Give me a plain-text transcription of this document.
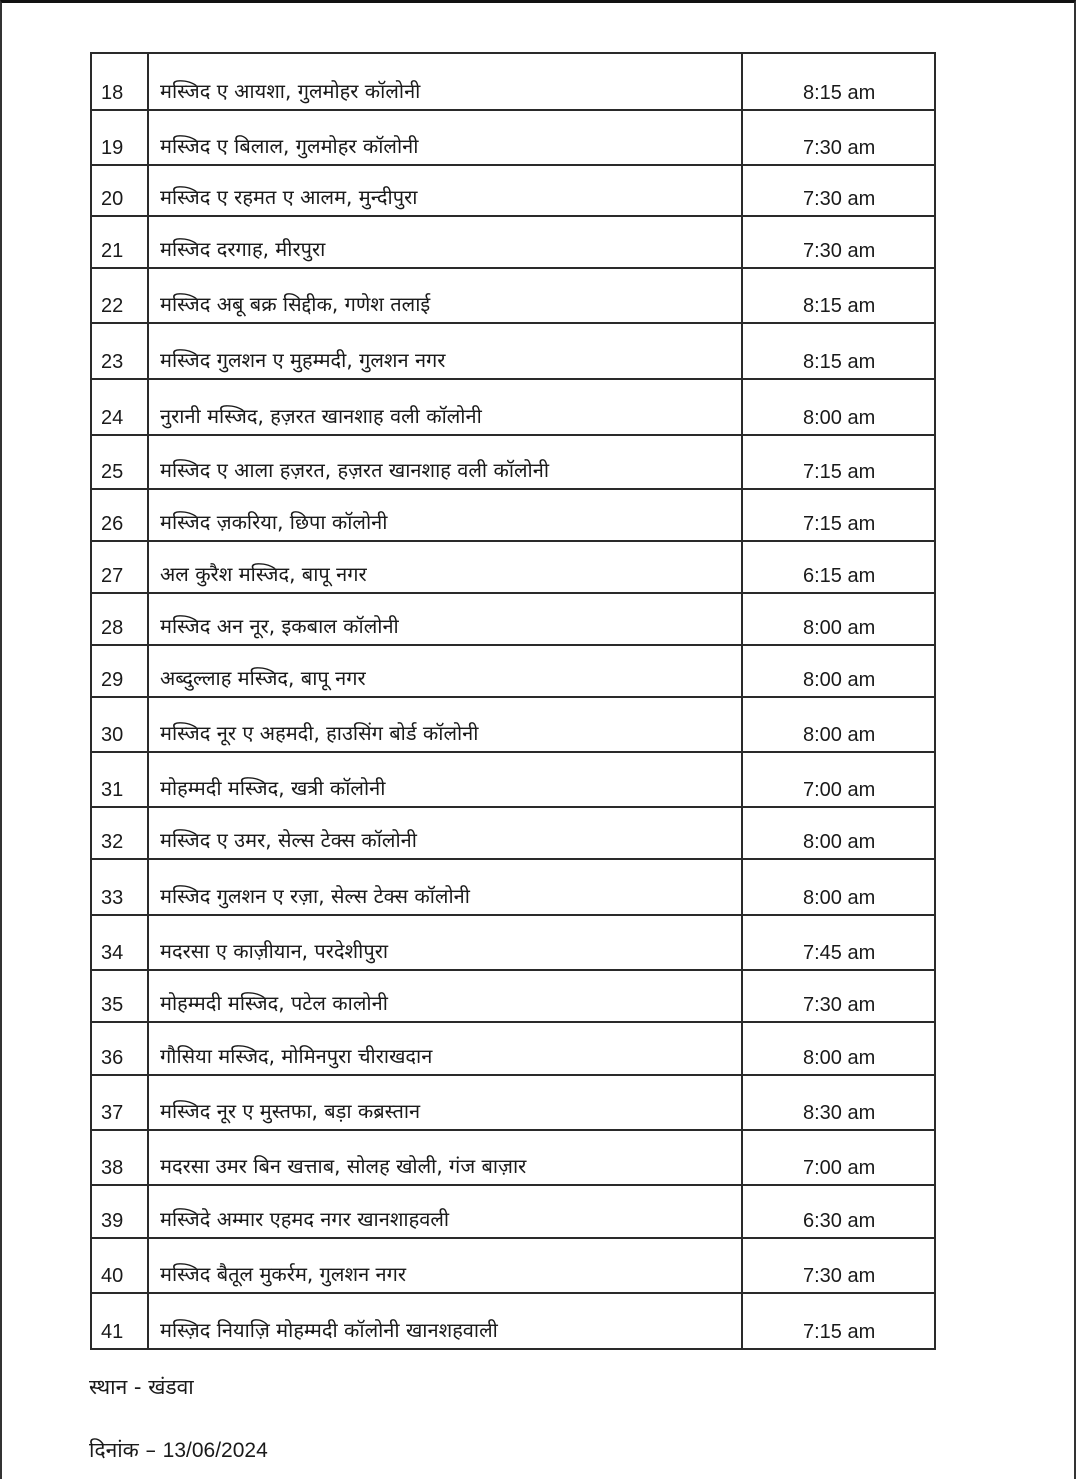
18	मस्जिद ए आयशा, गुलमोहर कॉलोनी	8:15 am
19	मस्जिद ए बिलाल, गुलमोहर कॉलोनी	7:30 am
20	मस्जिद ए रहमत ए आलम, मुन्दीपुरा	7:30 am
21	मस्जिद दरगाह, मीरपुरा	7:30 am
22	मस्जिद अबू बक्र सिद्दीक, गणेश तलाई	8:15 am
23	मस्जिद गुलशन ए मुहम्मदी, गुलशन नगर	8:15 am
24	नुरानी मस्जिद, हज़रत खानशाह वली कॉलोनी	8:00 am
25	मस्जिद ए आला हज़रत, हज़रत खानशाह वली कॉलोनी	7:15 am
26	मस्जिद ज़करिया, छिपा कॉलोनी	7:15 am
27	अल कुरैश मस्जिद, बापू नगर	6:15 am
28	मस्जिद अन नूर, इकबाल कॉलोनी	8:00 am
29	अब्दुल्लाह मस्जिद, बापू नगर	8:00 am
30	मस्जिद नूर ए अहमदी, हाउसिंग बोर्ड कॉलोनी	8:00 am
31	मोहम्मदी मस्जिद, खत्री कॉलोनी	7:00 am
32	मस्जिद ए उमर, सेल्स टेक्स कॉलोनी	8:00 am
33	मस्जिद गुलशन ए रज़ा, सेल्स टेक्स कॉलोनी	8:00 am
34	मदरसा ए काज़ीयान, परदेशीपुरा	7:45 am
35	मोहम्मदी मस्जिद, पटेल कालोनी	7:30 am
36	गौसिया मस्जिद, मोमिनपुरा चीराखदान	8:00 am
37	मस्जिद नूर ए मुस्तफा, बड़ा कब्रस्तान	8:30 am
38	मदरसा उमर बिन खत्ताब, सोलह खोली, गंज बाज़ार	7:00 am
39	मस्जिदे अम्मार एहमद नगर खानशाहवली	6:30 am
40	मस्जिद बैतूल मुकर्रम, गुलशन नगर	7:30 am
41	मस्ज़िद नियाज़ि मोहम्मदी कॉलोनी खानशहवाली	7:15 am
स्थान - खंडवा
दिनांक – 13/06/2024
